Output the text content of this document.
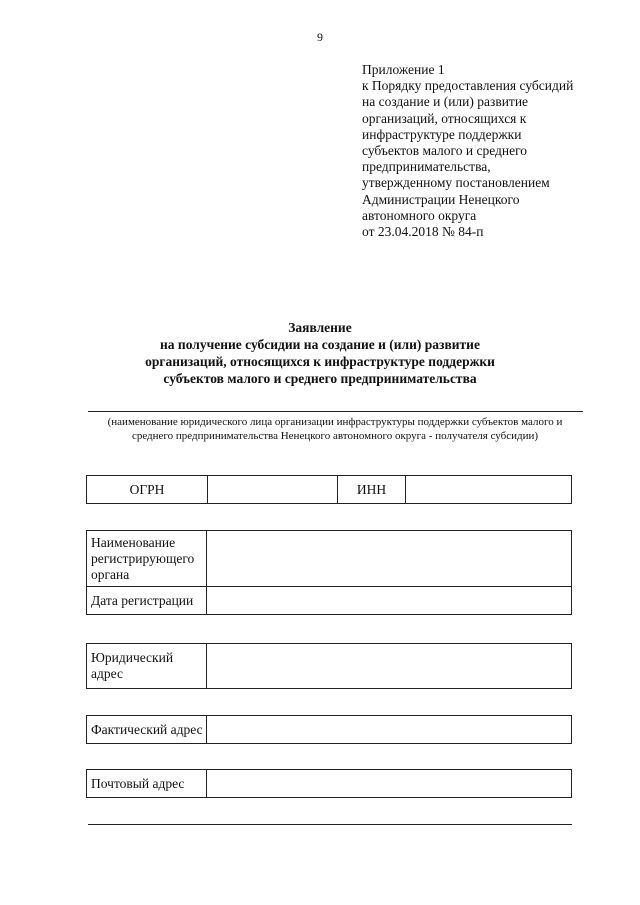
9
Приложение 1
к Порядку предоставления субсидий
на создание и (или) развитие
организаций, относящихся к
инфраструктуре поддержки
субъектов малого и среднего
предпринимательства,
утвержденному постановлением
Администрации Ненецкого
автономного округа
от 23.04.2018 № 84-п
Заявление
на получение субсидии на создание и (или) развитие
организаций, относящихся к инфраструктуре поддержки
субъектов малого и среднего предпринимательства
(наименование юридического лица организации инфраструктуры поддержки субъектов малого и
среднего предпринимательства Ненецкого автономного округа - получателя субсидии)
ОГРН		ИНН	
Наименование регистрирующего органа	
Дата регистрации	
Юридический адрес	
Фактический адрес	
Почтовый адрес	
